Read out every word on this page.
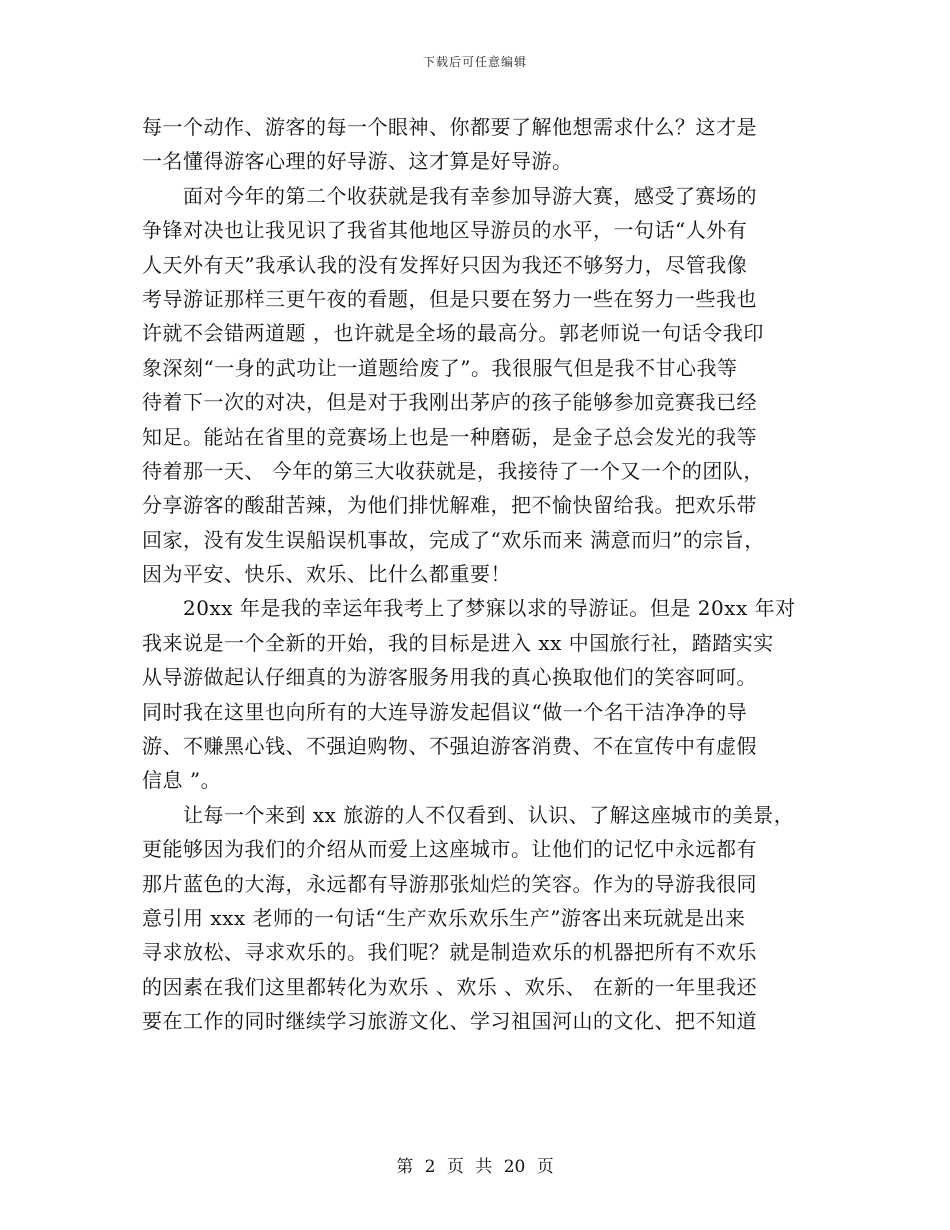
下载后可任意编辑
每一个动作、游客的每一个眼神、你都要了解他想需求什么？这才是
一名懂得游客心理的好导游、这才算是好导游。
　　面对今年的第二个收获就是我有幸参加导游大赛，感受了赛场的
争锋对决也让我见识了我省其他地区导游员的水平，一句话“人外有
人天外有天”我承认我的没有发挥好只因为我还不够努力，尽管我像
考导游证那样三更午夜的看题，但是只要在努力一些在努力一些我也
许就不会错两道题 ，也许就是全场的最高分。郭老师说一句话令我印
象深刻“一身的武功让一道题给废了”。我很服气但是我不甘心我等
待着下一次的对决，但是对于我刚出茅庐的孩子能够参加竞赛我已经
知足。能站在省里的竞赛场上也是一种磨砺，是金子总会发光的我等
待着那一天、 今年的第三大收获就是，我接待了一个又一个的团队，
分享游客的酸甜苦辣，为他们排忧解难，把不愉快留给我。把欢乐带
回家，没有发生误船误机事故，完成了“欢乐而来 满意而归”的宗旨，
因为平安、快乐、欢乐、比什么都重要！
　　20xx 年是我的幸运年我考上了梦寐以求的导游证。但是 20xx 年对
我来说是一个全新的开始，我的目标是进入 xx 中国旅行社，踏踏实实
从导游做起认仔细真的为游客服务用我的真心换取他们的笑容呵呵。
同时我在这里也向所有的大连导游发起倡议“做一个名干洁净净的导
游、不赚黑心钱、不强迫购物、不强迫游客消费、不在宣传中有虚假
信息 ”。
　　让每一个来到 xx 旅游的人不仅看到、认识、了解这座城市的美景，
更能够因为我们的介绍从而爱上这座城市。让他们的记忆中永远都有
那片蓝色的大海，永远都有导游那张灿烂的笑容。作为的导游我很同
意引用 xxx 老师的一句话“生产欢乐欢乐生产”游客出来玩就是出来
寻求放松、寻求欢乐的。我们呢？就是制造欢乐的机器把所有不欢乐
的因素在我们这里都转化为欢乐 、欢乐 、欢乐、 在新的一年里我还
要在工作的同时继续学习旅游文化、学习祖国河山的文化、把不知道
第 2 页 共 20 页
